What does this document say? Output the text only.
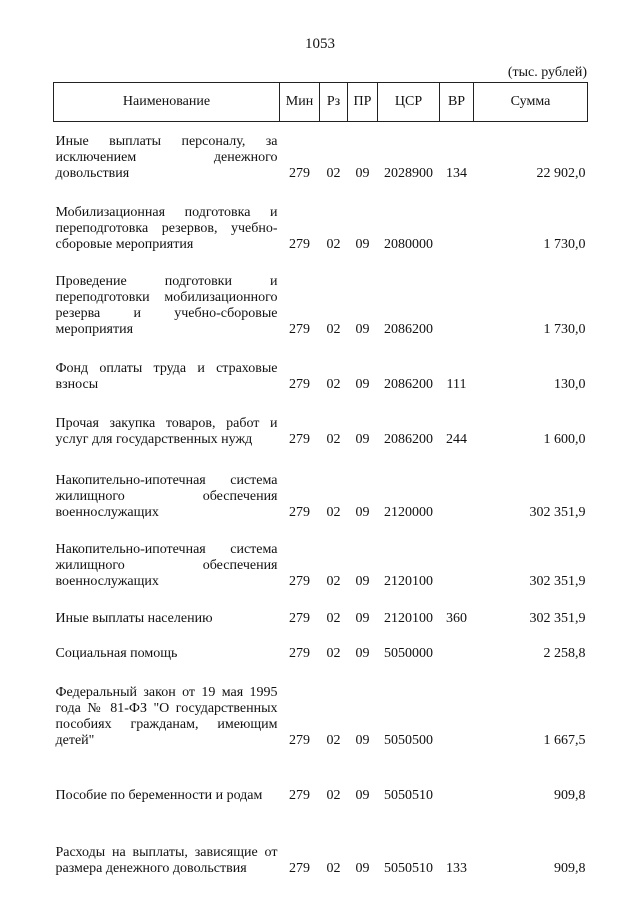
1053
(тыс. рублей)
Наименование	Мин	Рз	ПР	ЦСР	ВР	Сумма
Иные выплаты персоналу, за исключением денежного довольствия	279	02	09	2028900	134	22 902,0
Мобилизационная подготовка и переподготовка резервов, учебно-сборовые мероприятия	279	02	09	2080000		1 730,0
Проведение подготовки и переподготовки мобилизационного резерва и учебно-сборовые мероприятия	279	02	09	2086200		1 730,0
Фонд оплаты труда и страховые взносы	279	02	09	2086200	111	130,0
Прочая закупка товаров, работ и услуг для государственных нужд	279	02	09	2086200	244	1 600,0
Накопительно-ипотечная система жилищного обеспечения военнослужащих	279	02	09	2120000		302 351,9
Накопительно-ипотечная система жилищного обеспечения военнослужащих	279	02	09	2120100		302 351,9
Иные выплаты населению	279	02	09	2120100	360	302 351,9
Социальная помощь	279	02	09	5050000		2 258,8
Федеральный закон от 19 мая 1995 года № 81-ФЗ "О государственных пособиях гражданам, имеющим детей"	279	02	09	5050500		1 667,5
Пособие по беременности и родам	279	02	09	5050510		909,8
Расходы на выплаты, зависящие от размера денежного довольствия	279	02	09	5050510	133	909,8
